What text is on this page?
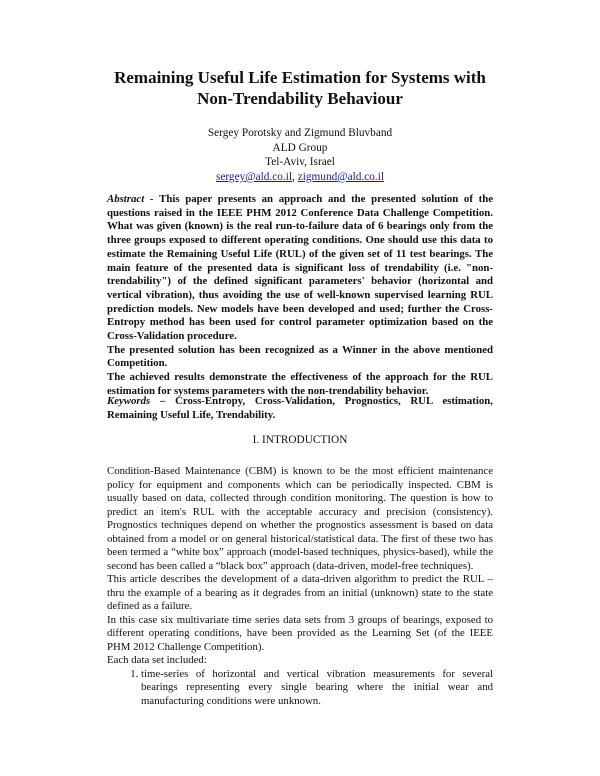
Remaining Useful Life Estimation for Systems with
Non-Trendability Behaviour
Sergey Porotsky and Zigmund Bluvband
ALD Group
Tel-Aviv, Israel
sergey@ald.co.il, zigmund@ald.co.il

Abstract - This paper presents an approach and the presented solution of the questions raised in the IEEE PHM 2012 Conference Data Challenge Competition. What was given (known) is the real run-to-failure data of 6 bearings only from the three groups exposed to different operating conditions. One should use this data to estimate the Remaining Useful Life (RUL) of the given set of 11 test bearings. The main feature of the presented data is significant loss of trendability (i.e. "non-trendability") of the defined significant parameters' behavior (horizontal and vertical vibration), thus avoiding the use of well-known supervised learning RUL prediction models. New models have been developed and used; further the Cross-Entropy method has been used for control parameter optimization based on the Cross-Validation procedure.

The presented solution has been recognized as a Winner in the above mentioned Competition.

The achieved results demonstrate the effectiveness of the approach for the RUL estimation for systems parameters with the non-trendability behavior.

Keywords – Cross-Entropy, Cross-Validation, Prognostics, RUL estimation, Remaining Useful Life, Trendability.
I. INTRODUCTION

Condition-Based Maintenance (CBM) is known to be the most efficient maintenance policy for equipment and components which can be periodically inspected. CBM is usually based on data, collected through condition monitoring. The question is how to predict an item's RUL with the acceptable accuracy and precision (consistency). Prognostics techniques depend on whether the prognostics assessment is based on data obtained from a model or on general historical/statistical data. The first of these two has been termed a “white box” approach (model-based techniques, physics-based), while the second has been called a “black box” approach (data-driven, model-free techniques).

This article describes the development of a data-driven algorithm to predict the RUL – thru the example of a bearing as it degrades from an initial (unknown) state to the state defined as a failure.

In this case six multivariate time series data sets from 3 groups of bearings, exposed to different operating conditions, have been provided as the Learning Set (of the IEEE PHM 2012 Challenge Competition).

Each data set included:

1. time-series of horizontal and vertical vibration measurements for several bearings representing every single bearing where the initial wear and manufacturing conditions were unknown.
